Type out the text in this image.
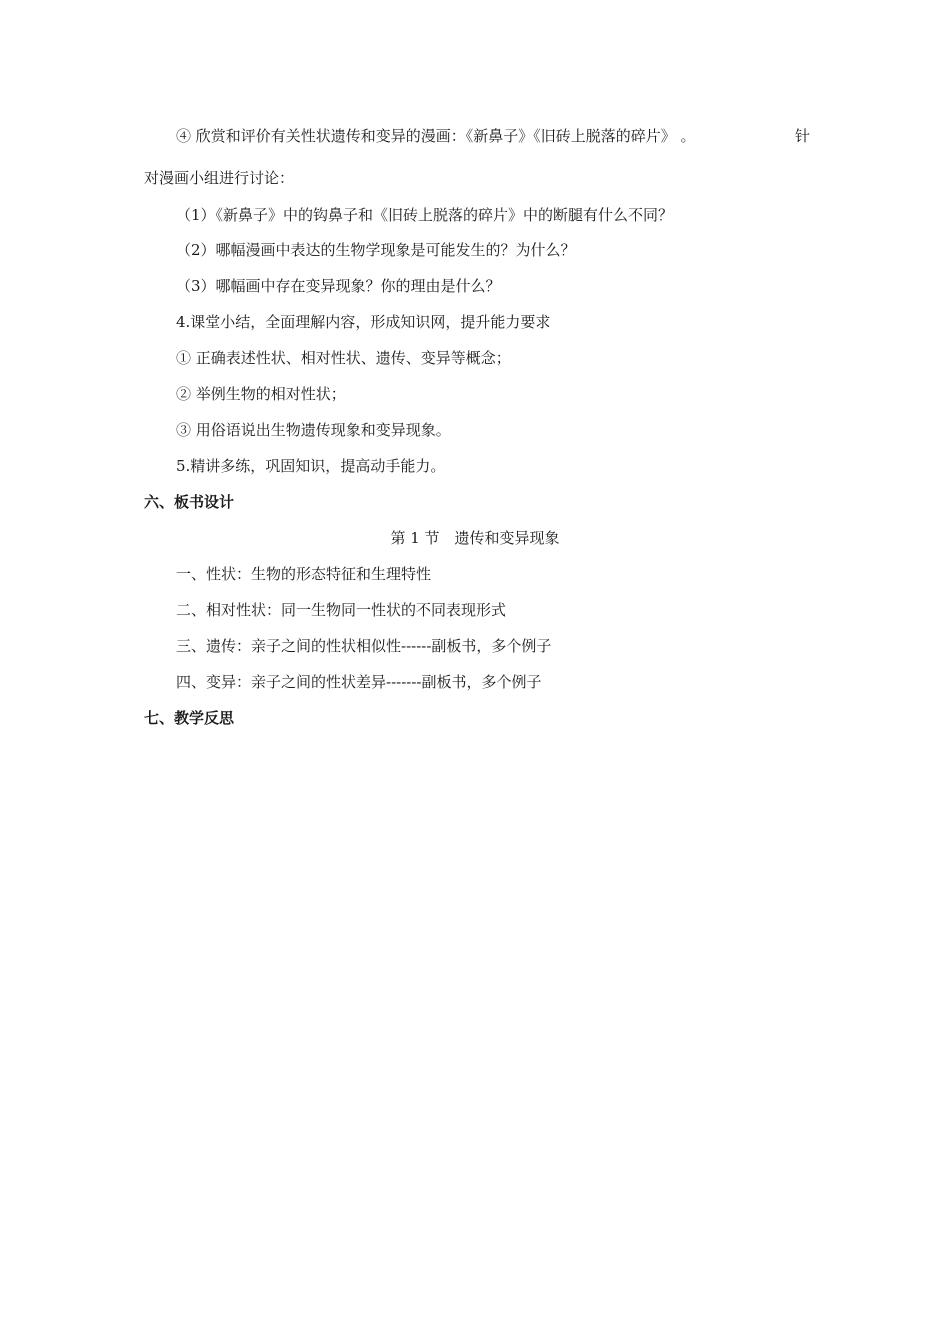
④ 欣赏和评价有关性状遗传和变异的漫画：《新鼻子》《旧砖上脱落的碎片》 。	针
对漫画小组进行讨论：
（1）《新鼻子》中的钩鼻子和《旧砖上脱落的碎片》中的断腿有什么不同？
（2）哪幅漫画中表达的生物学现象是可能发生的？为什么？
（3）哪幅画中存在变异现象？你的理由是什么？
4.课堂小结，全面理解内容，形成知识网，提升能力要求
① 正确表述性状、相对性状、遗传、变异等概念；
② 举例生物的相对性状；
③ 用俗语说出生物遗传现象和变异现象。
5.精讲多练，巩固知识，提高动手能力。
六、板书设计
第 1 节　遗传和变异现象
一、性状：生物的形态特征和生理特性
二、相对性状：同一生物同一性状的不同表现形式
三、遗传：亲子之间的性状相似性------副板书，多个例子
四、变异：亲子之间的性状差异-------副板书，多个例子
七、教学反思
